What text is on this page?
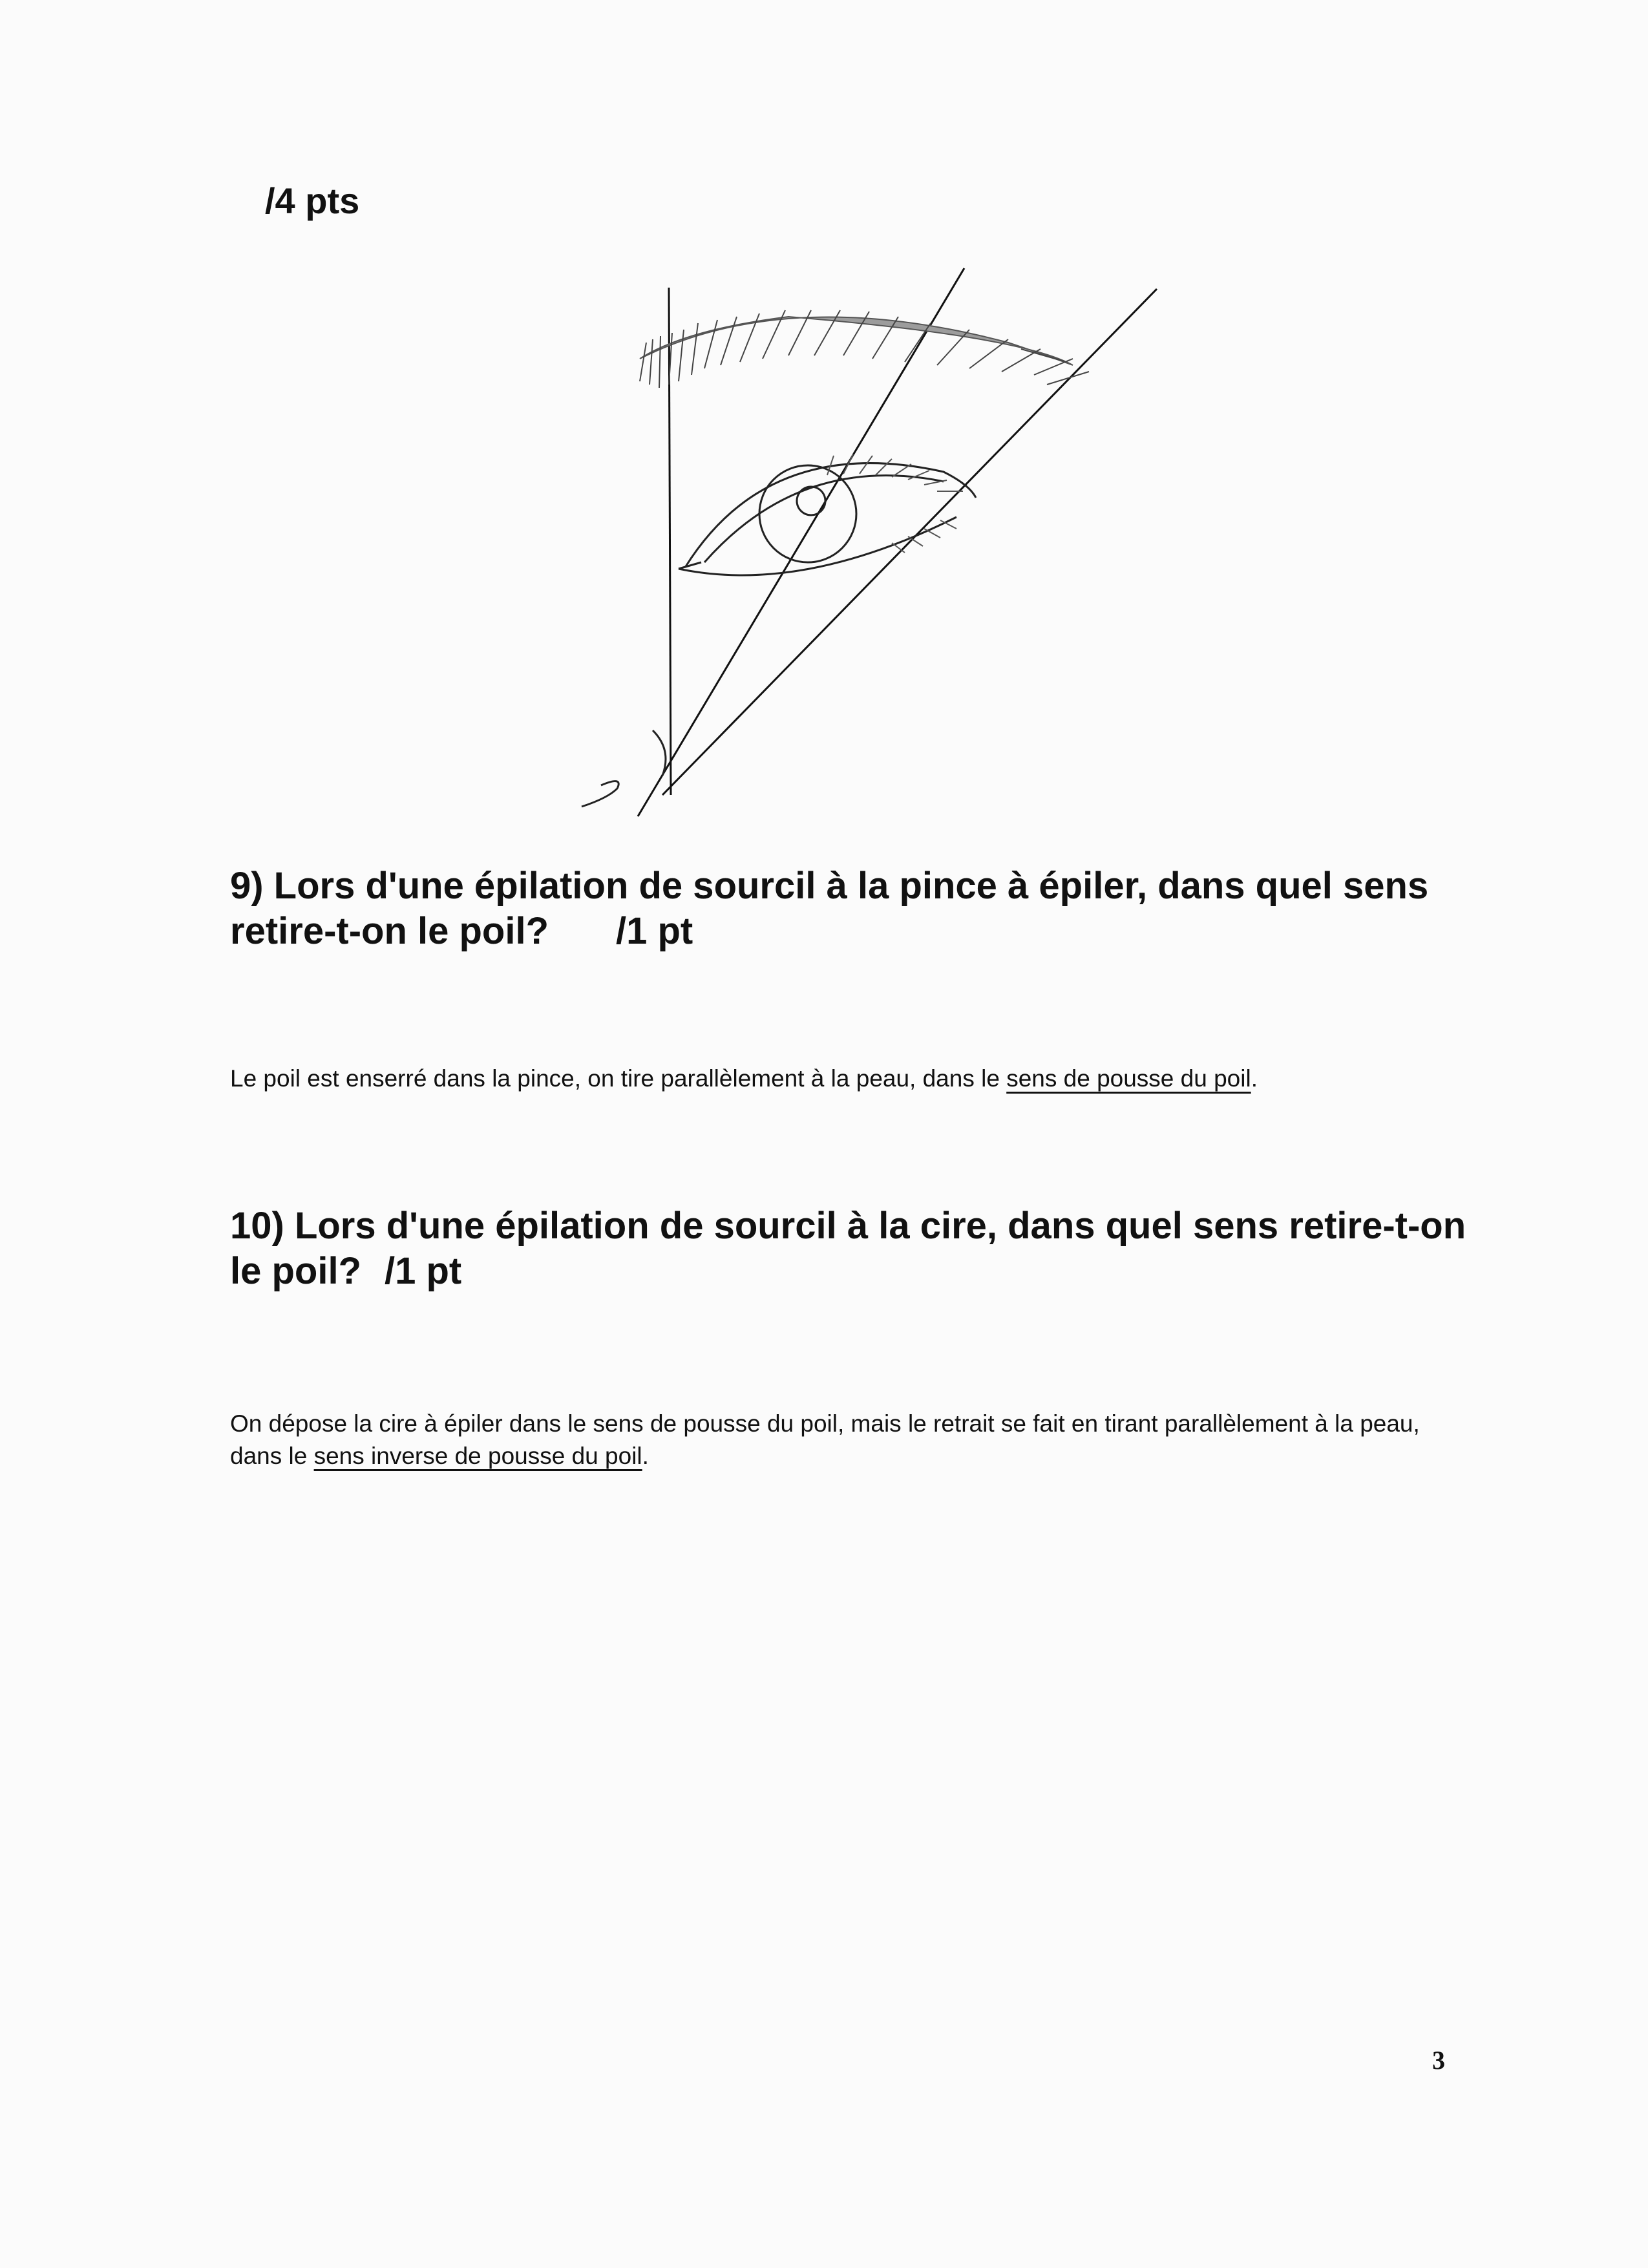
/4 pts
9) Lors d'une épilation de sourcil à la pince à épiler, dans quel sens retire-t-on le poil? /1 pt
Le poil est enserré dans la pince, on tire parallèlement à la peau, dans le sens de pousse du poil.
10) Lors d'une épilation de sourcil à la cire, dans quel sens retire-t-on le poil? /1 pt
On dépose la cire à épiler dans le sens de pousse du poil, mais le retrait se fait en tirant parallèlement à la peau, dans le sens inverse de pousse du poil.
3
